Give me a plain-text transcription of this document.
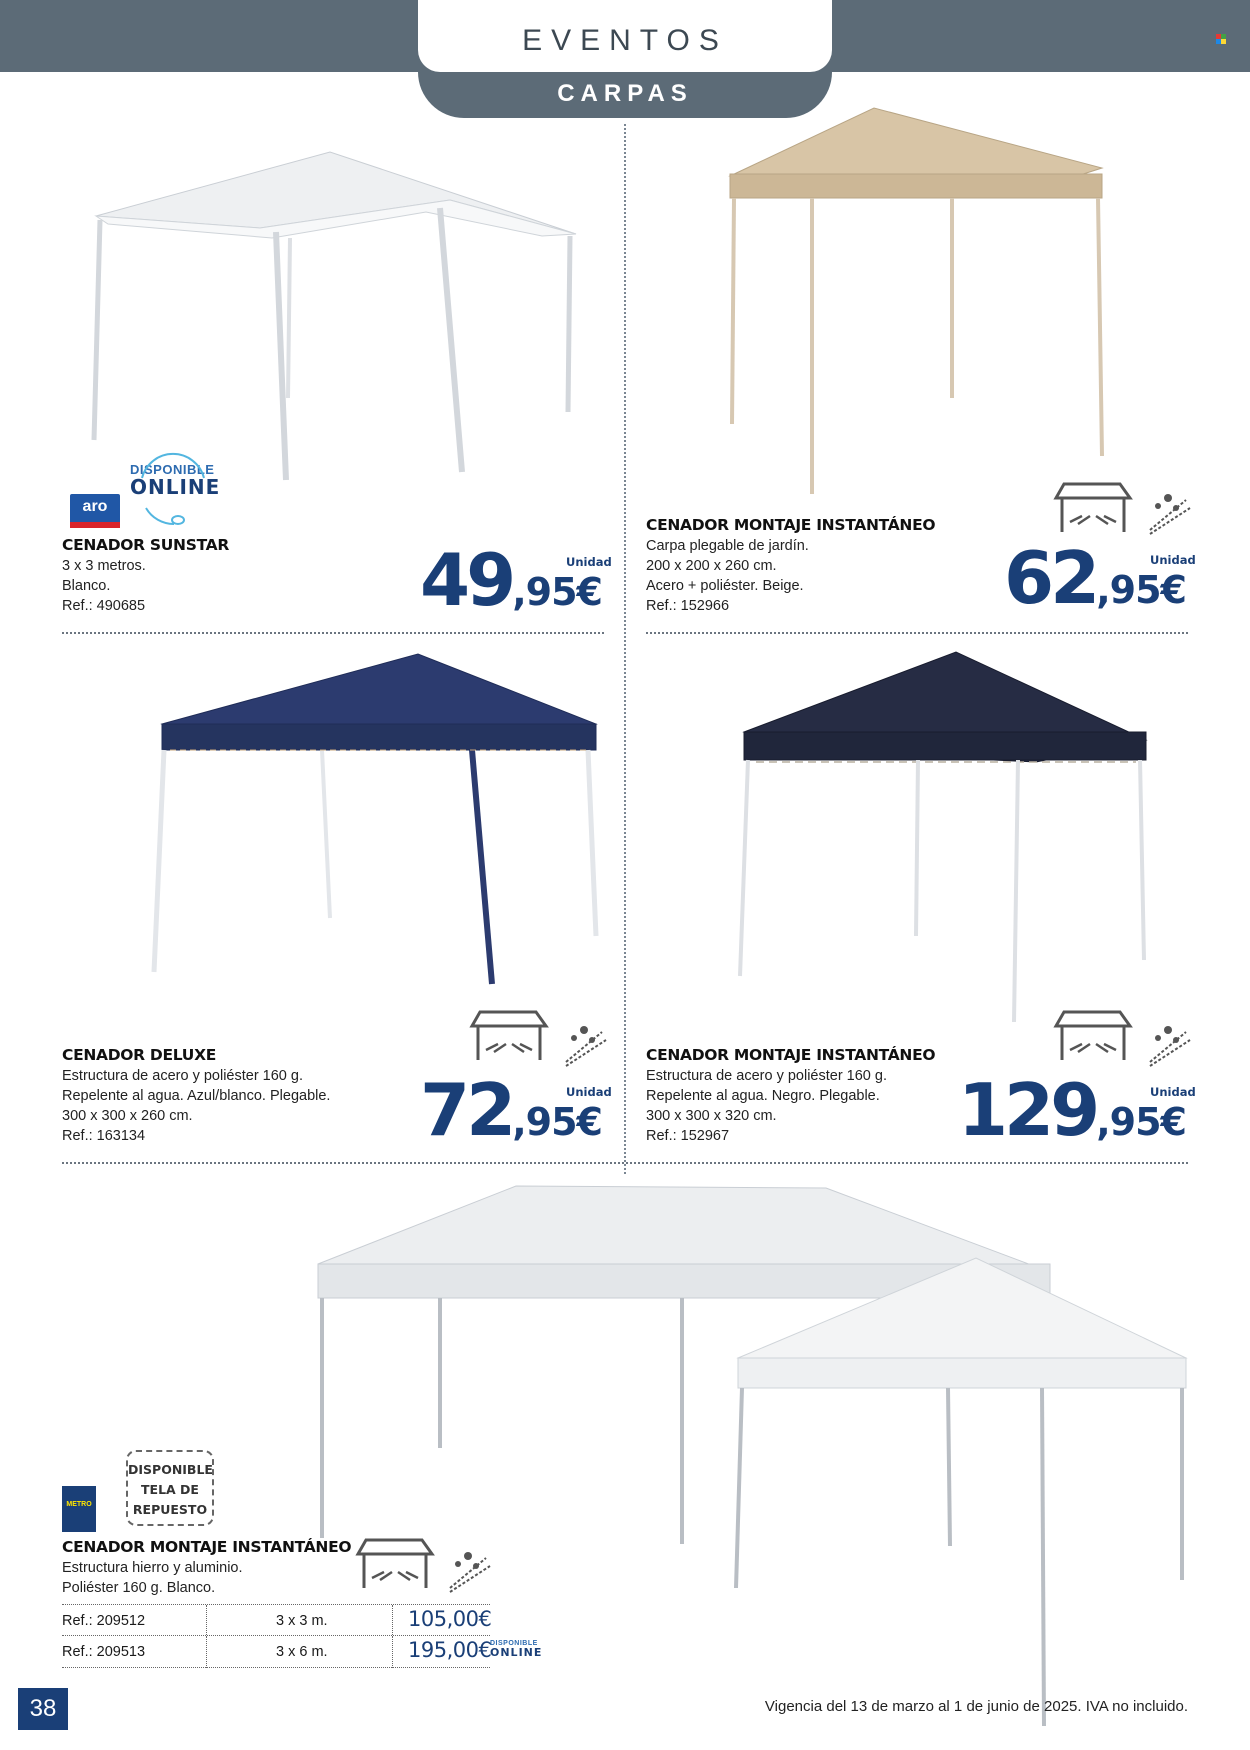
EVENTOS
CARPAS
aro
DISPONIBLE
ONLINE
CENADOR SUNSTAR
3 x 3 metros.
Blanco.
Ref.: 490685
Unidad
49,95€
CENADOR MONTAJE INSTANTÁNEO
Carpa plegable de jardín.
200 x 200 x 260 cm.
Acero + poliéster. Beige.
Ref.: 152966
Unidad
62,95€
CENADOR DELUXE
Estructura de acero y poliéster 160 g.
Repelente al agua. Azul/blanco. Plegable.
300 x 300 x 260 cm.
Ref.: 163134
Unidad
72,95€
CENADOR MONTAJE INSTANTÁNEO
Estructura de acero y poliéster 160 g.
Repelente al agua. Negro. Plegable.
300 x 300 x 320 cm.
Ref.: 152967
Unidad
129,95€
METRO
DISPONIBLE
TELA DE
REPUESTO
CENADOR MONTAJE INSTANTÁNEO
Estructura hierro y aluminio.
Poliéster 160 g. Blanco.
Ref.: 209512	3 x 3 m.	105,00€
Ref.: 209513	3 x 6 m.	195,00€
DISPONIBLE
ONLINE
38	Vigencia del 13 de marzo al 1 de junio de 2025. IVA no incluido.
